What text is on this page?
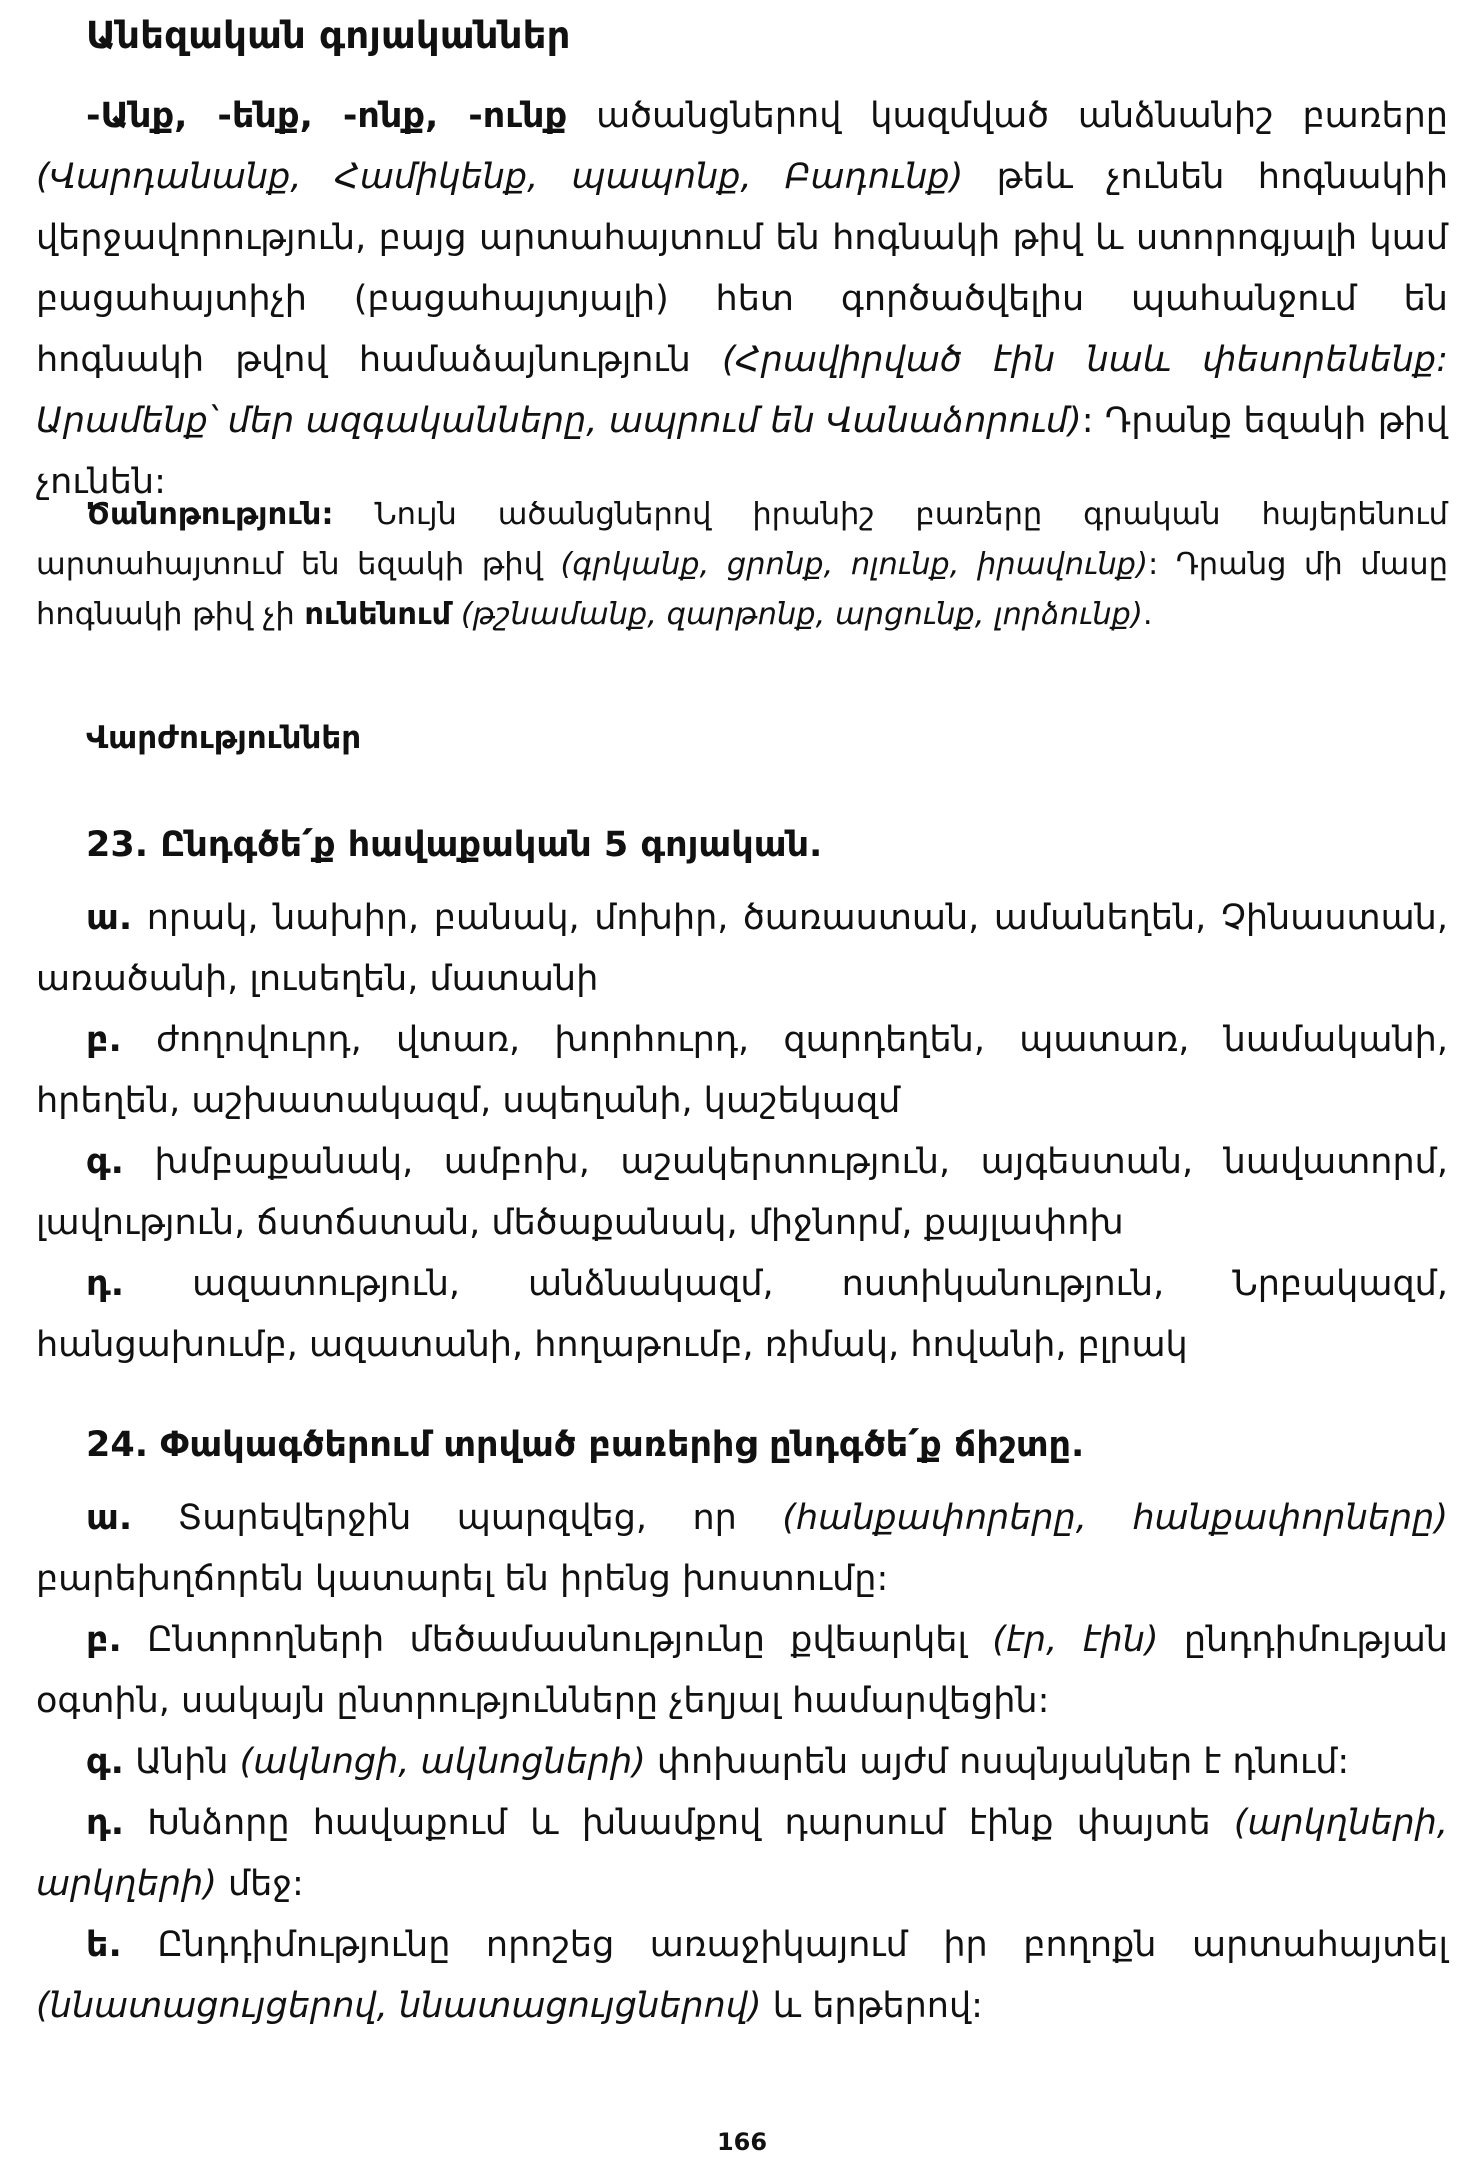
Անեզական գոյականներ

-Անք, -ենք, -ոնք, -ունք ածանցներով կազմված անձնանիշ բառերը (Վարդանանք, Համիկենք, պապոնք, Բադունք) թեև չունեն հոգնակիի վերջավորություն, բայց արտահայտում են հոգնակի թիվ և ստորոգյալի կամ բացահայտիչի (բացահայտյալի) հետ գործածվելիս պահանջում են հոգնակի թվով համաձայնություն (Հրավիրված էին նաև փեսորենենք: Արամենք՝ մեր ազգականները, ապրում են Վանաձորում): Դրանք եզակի թիվ չունեն:

Ծանոթություն: Նույն ածանցներով իրանիշ բառերը գրական հայերենում արտահայտում են եզակի թիվ (գրկանք, ցրոնք, ոլունք, իրավունք): Դրանց մի մասը հոգնակի թիվ չի ունենում (թշնամանք, զարթոնք, արցունք, լորձունք).

Վարժություններ
23. Ընդգծե՛ք հավաքական 5 գոյական.

ա. որակ, նախիր, բանակ, մոխիր, ծառաստան, ամանեղեն, Չինաստան, առածանի, լուսեղեն, մատանի

բ. ժողովուրդ, վտառ, խորհուրդ, զարդեղեն, պատառ, նամականի, հրեղեն, աշխատակազմ, սպեղանի, կաշեկազմ

գ. խմբաքանակ, ամբոխ, աշակերտություն, այգեստան, նավատորմ, լավություն, ճստճստան, մեծաքանակ, միջնորմ, քայլափոխ

դ. ազատություն, անձնակազմ, ոստիկանություն, Նրբակազմ, հանցախումբ, ազատանի, հողաթումբ, ռիմակ, հովանի, բլրակ

24. Փակագծերում տրված բառերից ընդգծե՛ք ճիշտը.

ա. Տարեվերջին պարզվեց, որ (հանքափորերը, հանքափորները) բարեխղճորեն կատարել են իրենց խոստումը:

բ. Ընտրողների մեծամասնությունը քվեարկել (էր, էին) ընդդիմության օգտին, սակայն ընտրությունները չեղյալ համարվեցին:

գ. Անին (ակնոցի, ակնոցների) փոխարեն այժմ ոսպնյակներ է դնում:

դ. Խնձորը հավաքում և խնամքով դարսում էինք փայտե (արկղների, արկղերի) մեջ:

ե. Ընդդիմությունը որոշեց առաջիկայում իր բողոքն արտահայտել (ննատացույցերով, ննատացույցներով) և երթերով:

166
